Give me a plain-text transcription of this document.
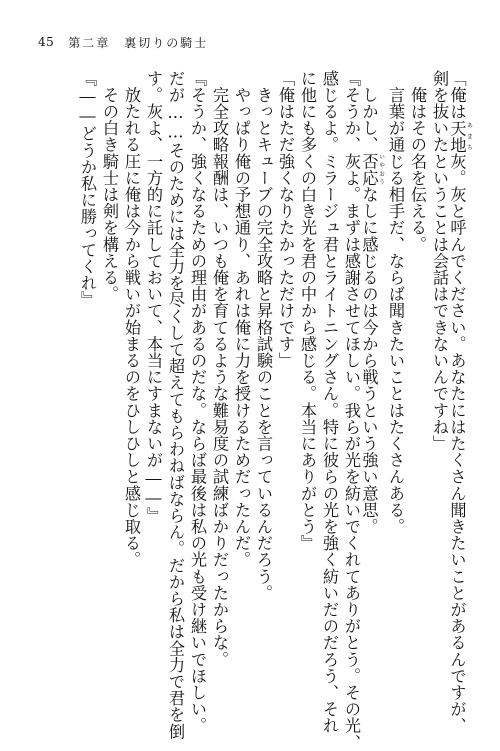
45 第二章　裏切りの騎士
「俺は天地 あまち灰。灰と呼んでください。あなたにはたくさん聞きたいことがあるんですが、
剣を抜いたということは会話はできないんですね」
　俺はその名を伝える。
　言葉が通じる相手だ、ならば聞きたいことはたくさんある。
　しかし、否応 いやおうなしに感じるのは今から戦うという強い意思。
『そうか、灰よ。まずは感謝させてほしい。我らが光を紡いでくれてありがとう。その光、
感じるよ。ミラージュ君とライトニングさん。特に彼らの光を強く紡いだのだろう、それ
に他にも多くの白き光を君の中から感じる。本当にありがとう』
「俺はただ強くなりたかっただけです」
　きっとキューブの完全攻略と昇格試験のことを言っているんだろう。
　やっぱり俺の予想通り、あれは俺に力を授けるためだったんだ。
　完全攻略報酬は、いつも俺を育てるような難易度の試練ばかりだったからな。
『そうか、強くなるための理由があるのだな。ならば最後は私の光も受け継いでほしい。
だが……そのためには全力を尽くして超えてもらわねばならん。だから私は全力で君を倒
す。灰よ、一方的に託しておいて、本当にすまないが――』
　放たれる圧に俺は今から戦いが始まるのをひしひしと感じ取る。
　その白き騎士は剣を構える。
『――どうか私に勝ってくれ』
